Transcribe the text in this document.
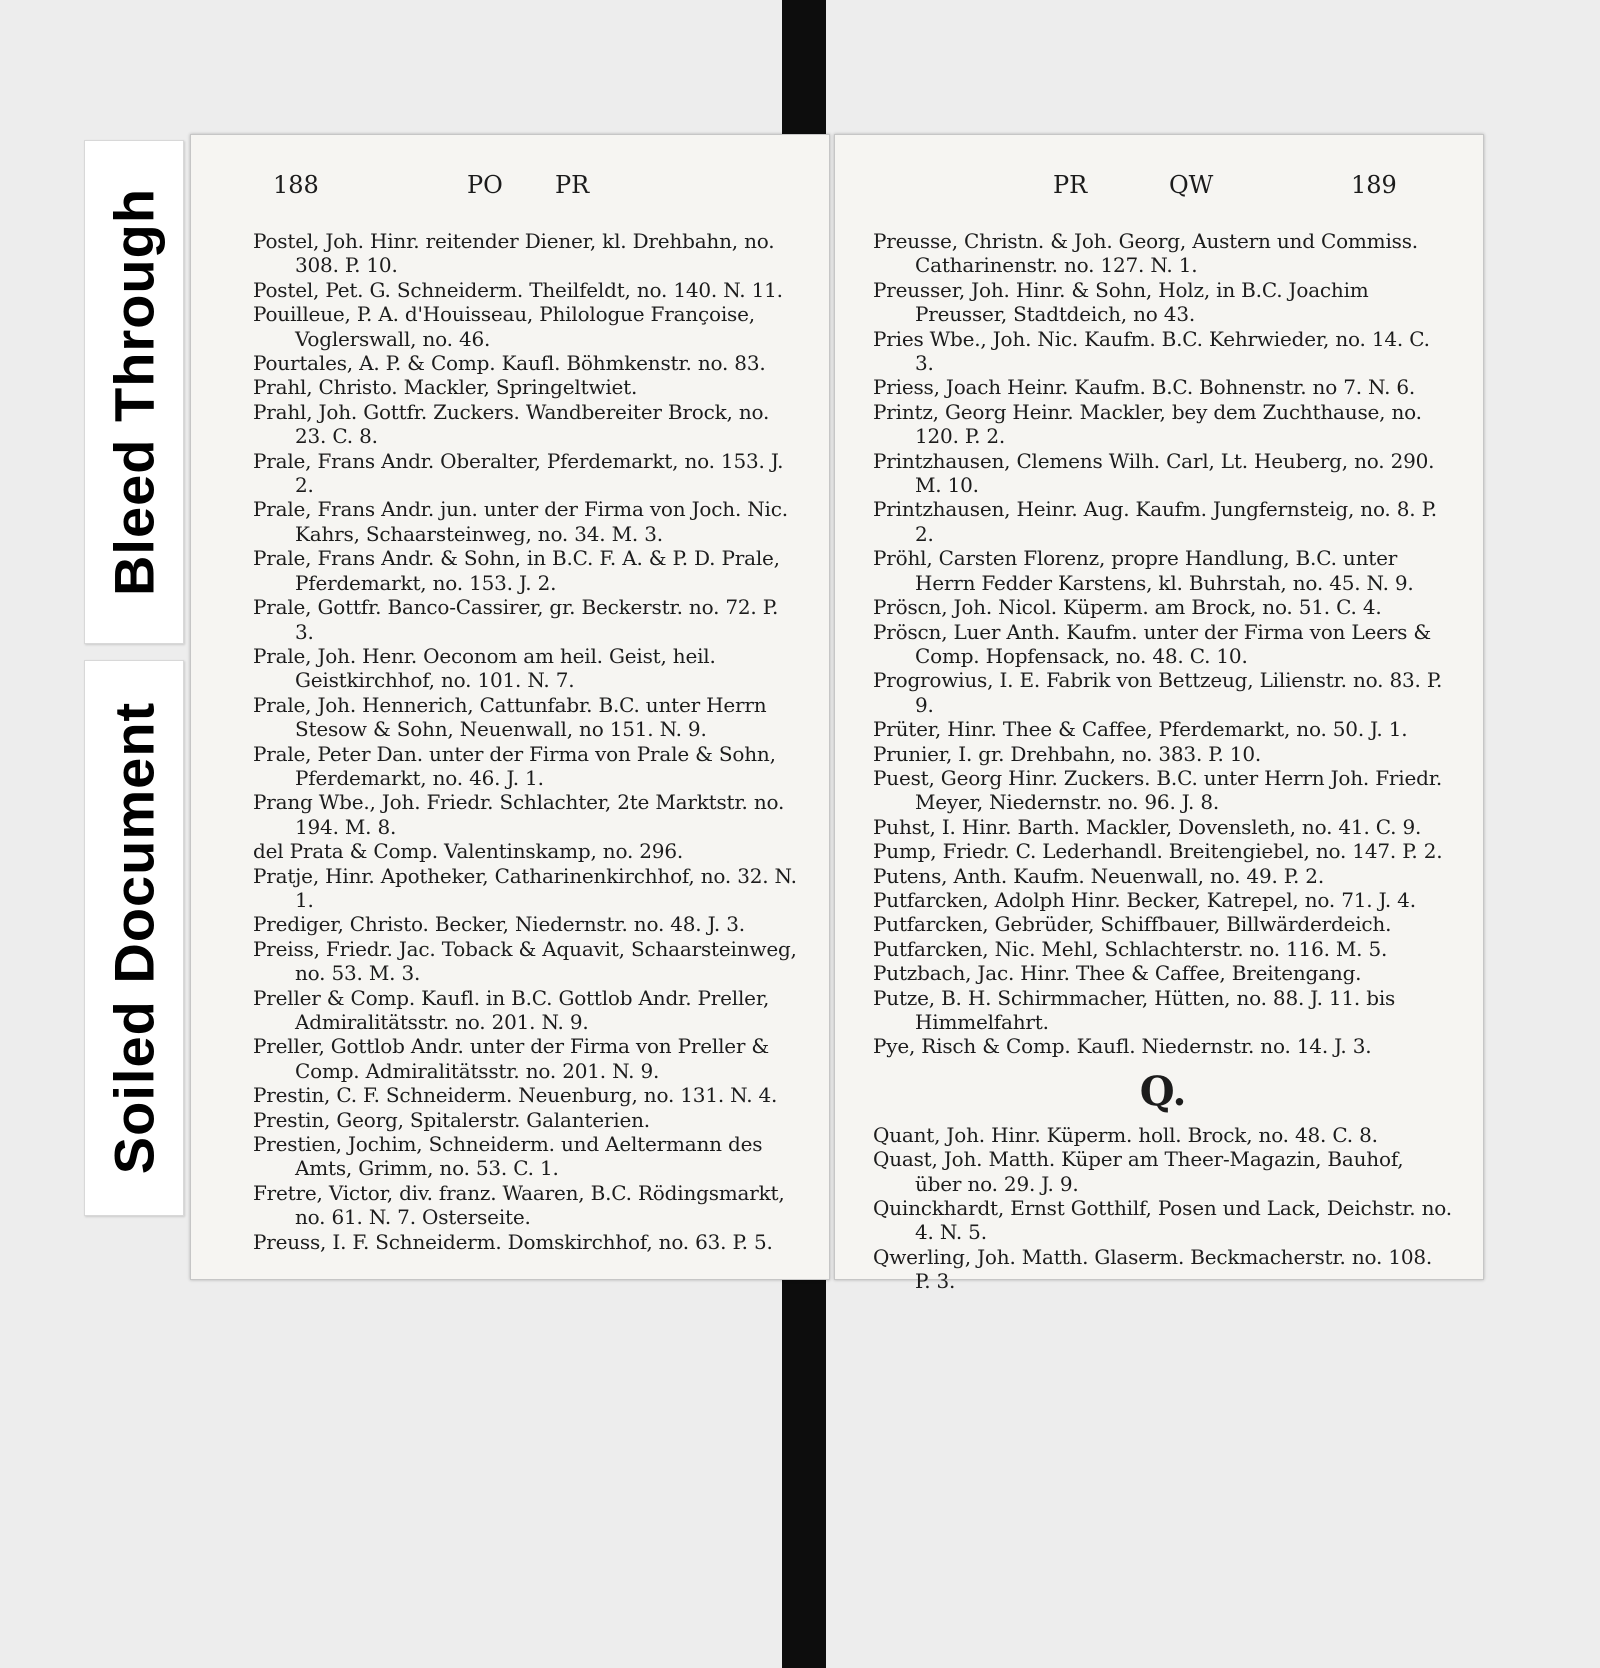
Bleed Through
Soiled Document
188	PO PR

Postel, Joh. Hinr. reitender Diener, kl. Drehbahn, no. 308. P. 10.

Postel, Pet. G. Schneiderm. Theilfeldt, no. 140. N. 11.

Pouilleue, P. A. d'Houisseau, Philologue Françoise, Voglerswall, no. 46.

Pourtales, A. P. & Comp. Kaufl. Böhmkenstr. no. 83.

Prahl, Christo. Mackler, Springeltwiet.

Prahl, Joh. Gottfr. Zuckers. Wandbereiter Brock, no. 23. C. 8.

Prale, Frans Andr. Oberalter, Pferdemarkt, no. 153. J. 2.

Prale, Frans Andr. jun. unter der Firma von Joch. Nic. Kahrs, Schaarsteinweg, no. 34. M. 3.

Prale, Frans Andr. & Sohn, in B.C. F. A. & P. D. Prale, Pferdemarkt, no. 153. J. 2.

Prale, Gottfr. Banco-Cassirer, gr. Beckerstr. no. 72. P. 3.

Prale, Joh. Henr. Oeconom am heil. Geist, heil. Geistkirchhof, no. 101. N. 7.

Prale, Joh. Hennerich, Cattunfabr. B.C. unter Herrn Stesow & Sohn, Neuenwall, no 151. N. 9.

Prale, Peter Dan. unter der Firma von Prale & Sohn, Pferdemarkt, no. 46. J. 1.

Prang Wbe., Joh. Friedr. Schlachter, 2te Marktstr. no. 194. M. 8.

del Prata & Comp. Valentinskamp, no. 296.

Pratje, Hinr. Apotheker, Catharinenkirchhof, no. 32. N. 1.

Prediger, Christo. Becker, Niedernstr. no. 48. J. 3.

Preiss, Friedr. Jac. Toback & Aquavit, Schaarsteinweg, no. 53. M. 3.

Preller & Comp. Kaufl. in B.C. Gottlob Andr. Preller, Admiralitätsstr. no. 201. N. 9.

Preller, Gottlob Andr. unter der Firma von Preller & Comp. Admiralitätsstr. no. 201. N. 9.

Prestin, C. F. Schneiderm. Neuenburg, no. 131. N. 4.

Prestin, Georg, Spitalerstr. Galanterien.

Prestien, Jochim, Schneiderm. und Aeltermann des Amts, Grimm, no. 53. C. 1.

Fretre, Victor, div. franz. Waaren, B.C. Rödingsmarkt, no. 61. N. 7. Osterseite.

Preuss, I. F. Schneiderm. Domskirchhof, no. 63. P. 5.

PR	QW	189

Preusse, Christn. & Joh. Georg, Austern und Commiss. Catharinenstr. no. 127. N. 1.

Preusser, Joh. Hinr. & Sohn, Holz, in B.C. Joachim Preusser, Stadtdeich, no 43.

Pries Wbe., Joh. Nic. Kaufm. B.C. Kehrwieder, no. 14. C. 3.

Priess, Joach Heinr. Kaufm. B.C. Bohnenstr. no 7. N. 6.

Printz, Georg Heinr. Mackler, bey dem Zuchthause, no. 120. P. 2.

Printzhausen, Clemens Wilh. Carl, Lt. Heuberg, no. 290. M. 10.

Printzhausen, Heinr. Aug. Kaufm. Jungfernsteig, no. 8. P. 2.

Pröhl, Carsten Florenz, propre Handlung, B.C. unter Herrn Fedder Karstens, kl. Buhrstah, no. 45. N. 9.

Pröscn, Joh. Nicol. Küperm. am Brock, no. 51. C. 4.

Pröscn, Luer Anth. Kaufm. unter der Firma von Leers & Comp. Hopfensack, no. 48. C. 10.

Progrowius, I. E. Fabrik von Bettzeug, Lilienstr. no. 83. P. 9.

Prüter, Hinr. Thee & Caffee, Pferdemarkt, no. 50. J. 1.

Prunier, I. gr. Drehbahn, no. 383. P. 10.

Puest, Georg Hinr. Zuckers. B.C. unter Herrn Joh. Friedr. Meyer, Niedernstr. no. 96. J. 8.

Puhst, I. Hinr. Barth. Mackler, Dovensleth, no. 41. C. 9.

Pump, Friedr. C. Lederhandl. Breitengiebel, no. 147. P. 2.

Putens, Anth. Kaufm. Neuenwall, no. 49. P. 2.

Putfarcken, Adolph Hinr. Becker, Katrepel, no. 71. J. 4.

Putfarcken, Gebrüder, Schiffbauer, Billwärderdeich.

Putfarcken, Nic. Mehl, Schlachterstr. no. 116. M. 5.

Putzbach, Jac. Hinr. Thee & Caffee, Breitengang.

Putze, B. H. Schirmmacher, Hütten, no. 88. J. 11. bis Himmelfahrt.

Pye, Risch & Comp. Kaufl. Niedernstr. no. 14. J. 3.

Q.

Quant, Joh. Hinr. Küperm. holl. Brock, no. 48. C. 8.

Quast, Joh. Matth. Küper am Theer-Magazin, Bauhof, über no. 29. J. 9.

Quinckhardt, Ernst Gotthilf, Posen und Lack, Deichstr. no. 4. N. 5.

Qwerling, Joh. Matth. Glaserm. Beckmacherstr. no. 108. P. 3.
